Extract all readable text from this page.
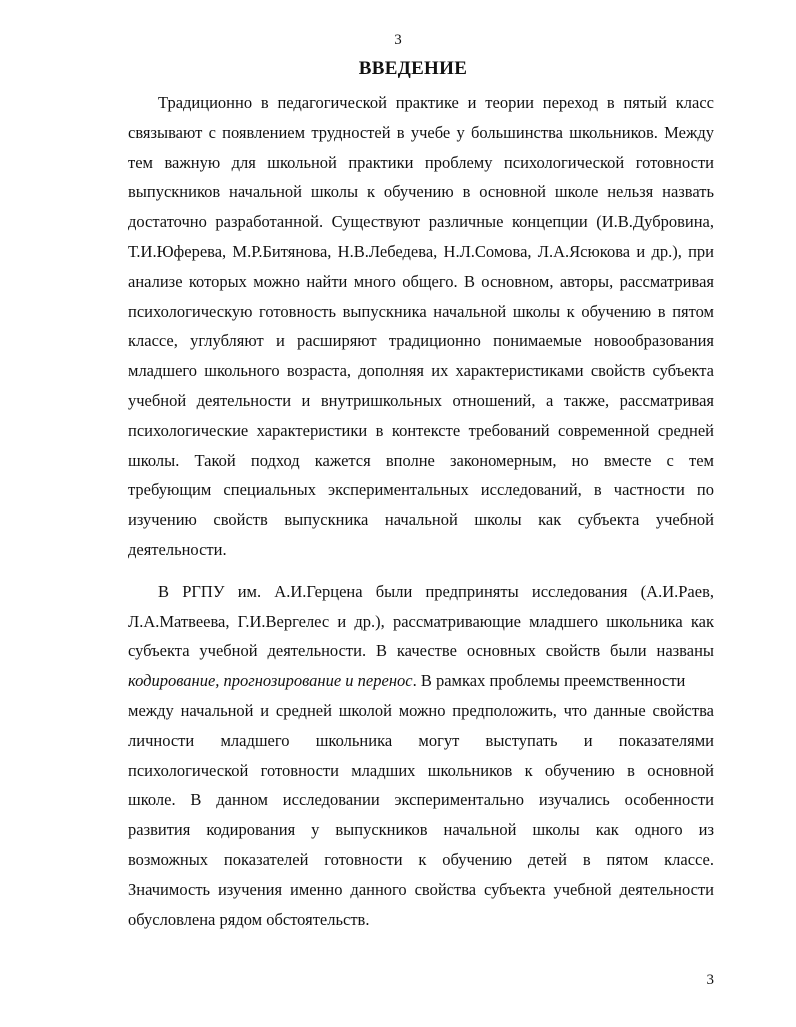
3
ВВЕДЕНИЕ
Традиционно в педагогической практике и теории переход в пятый класс
связывают с появлением трудностей в учебе у большинства школьников. Между
тем важную для школьной практики проблему психологической готовности
выпускников начальной школы к обучению в основной школе нельзя назвать
достаточно разработанной. Существуют различные концепции (И.В.Дубровина,
Т.И.Юферева, М.Р.Битянова, Н.В.Лебедева, Н.Л.Сомова, Л.А.Ясюкова и др.), при
анализе которых можно найти много общего. В основном, авторы, рассматривая
психологическую готовность выпускника начальной школы к обучению в пятом
классе, углубляют и расширяют традиционно понимаемые новообразования
младшего школьного возраста, дополняя их характеристиками свойств субъекта
учебной деятельности и внутришкольных отношений, а также, рассматривая
психологические характеристики в контексте требований современной средней
школы. Такой подход кажется вполне закономерным, но вместе с тем
требующим специальных экспериментальных исследований, в частности по
изучению свойств выпускника начальной школы как субъекта учебной
деятельности.
В РГПУ им. А.И.Герцена были предприняты исследования (А.И.Раев,
Л.А.Матвеева, Г.И.Вергелес и др.), рассматривающие младшего школьника как
субъекта учебной деятельности. В качестве основных свойств были названы
кодирование, прогнозирование и перенос. В рамках проблемы преемственности
между начальной и средней школой можно предположить, что данные свойства
личности младшего школьника могут выступать и показателями
психологической готовности младших школьников к обучению в основной
школе. В данном исследовании экспериментально изучались особенности
развития кодирования у выпускников начальной школы как одного из
возможных показателей готовности к обучению детей в пятом классе.
Значимость изучения именно данного свойства субъекта учебной деятельности
обусловлена рядом обстоятельств.
3
